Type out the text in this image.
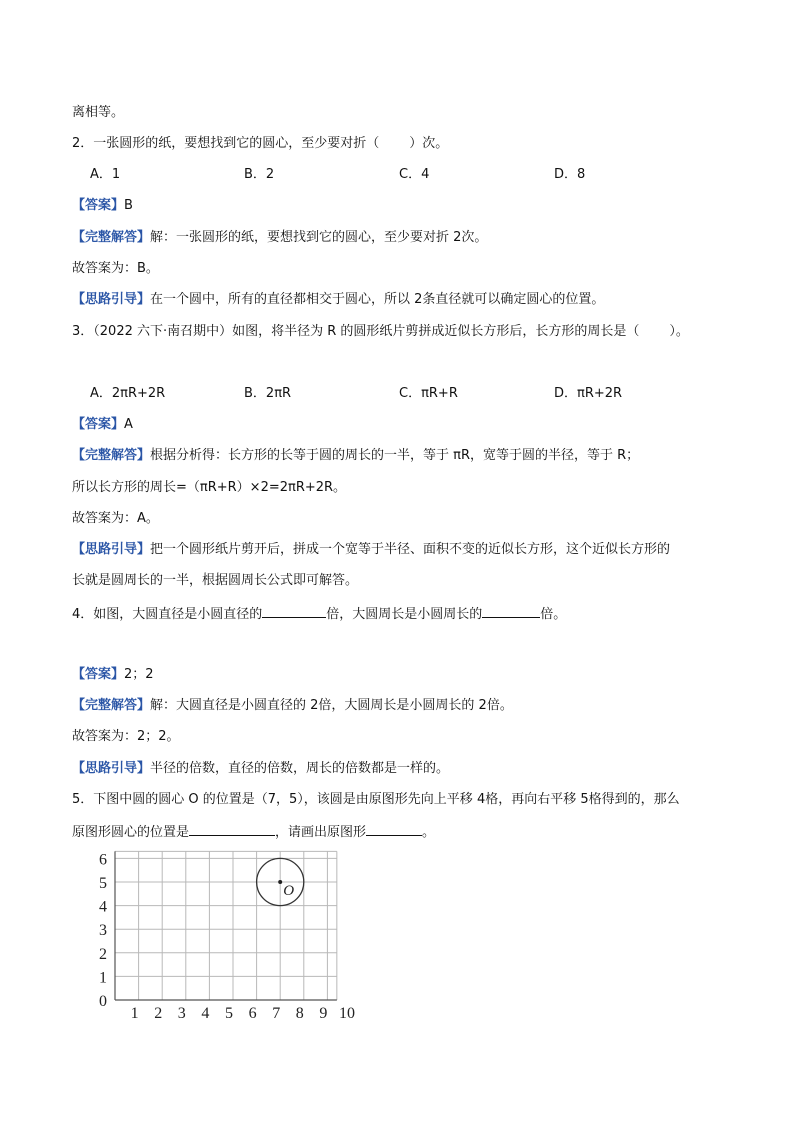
离相等。
2．一张圆形的纸，要想找到它的圆心，至少要对折（ ）次。
A．1	B．2	C．4	D．8
【答案】B
【完整解答】解：一张圆形的纸，要想找到它的圆心，至少要对折 2次。
故答案为：B。
【思路引导】在一个圆中，所有的直径都相交于圆心，所以 2条直径就可以确定圆心的位置。
3．（2022 六下·南召期中）如图，将半径为 R 的圆形纸片剪拼成近似长方形后，长方形的周长是（ ）。
A．2πR+2R	B．2πR	C．πR+R	D．πR+2R
【答案】A
【完整解答】根据分析得：长方形的长等于圆的周长的一半，等于 πR，宽等于圆的半径，等于 R；
所以长方形的周长=（πR+R）×2=2πR+2R。
故答案为：A。
【思路引导】把一个圆形纸片剪开后，拼成一个宽等于半径、面积不变的近似长方形，这个近似长方形的
长就是圆周长的一半，根据圆周长公式即可解答。
4．如图，大圆直径是小圆直径的	倍，大圆周长是小圆周长的	倍。
【答案】2；2
【完整解答】解：大圆直径是小圆直径的 2倍，大圆周长是小圆周长的 2倍。
故答案为：2；2。
【思路引导】半径的倍数，直径的倍数，周长的倍数都是一样的。
5．下图中圆的圆心 O 的位置是（7，5），该圆是由原图形先向上平移 4格，再向右平移 5格得到的，那么
原图形圆心的位置是	，请画出原图形	。
1 2 3 4 5 6 7 8 9 10
0
1
2
3
4
5
6
O
